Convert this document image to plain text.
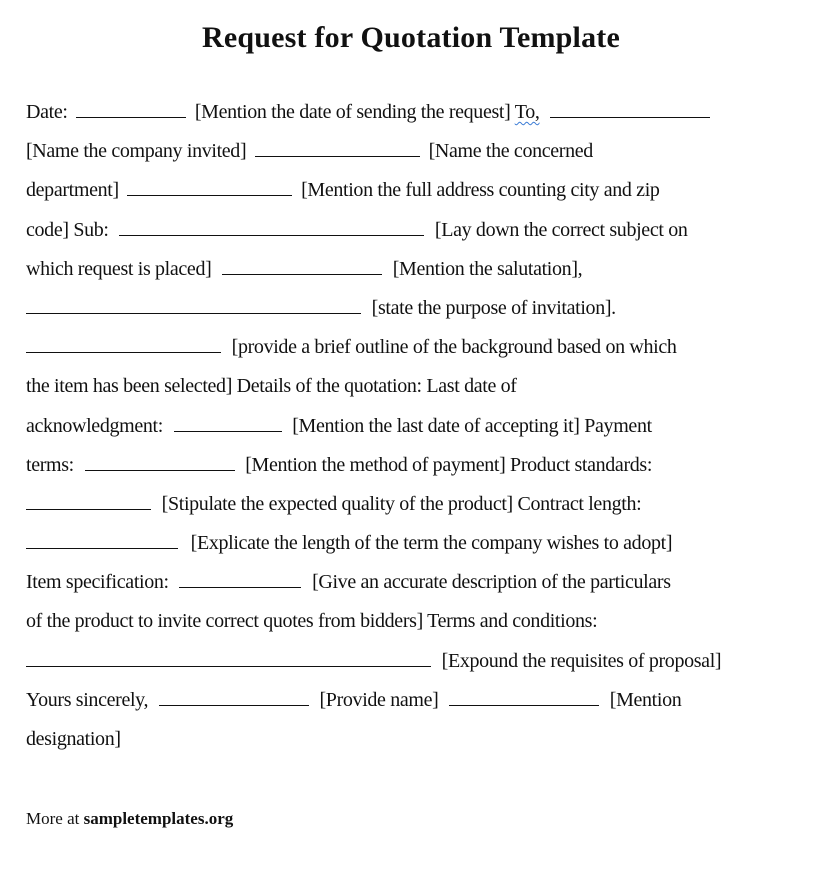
Request for Quotation Template
Date:	[Mention the date of sending the request] To,
[Name the company invited]	[Name the concerned
department]	[Mention the full address counting city and zip
code] Sub:	[Lay down the correct subject on
which request is placed]	[Mention the salutation],
[state the purpose of invitation].
[provide a brief outline of the background based on which
the item has been selected] Details of the quotation: Last date of
acknowledgment:	[Mention the last date of accepting it] Payment
terms:	[Mention the method of payment] Product standards:
[Stipulate the expected quality of the product] Contract length:
[Explicate the length of the term the company wishes to adopt]
Item specification:	[Give an accurate description of the particulars
of the product to invite correct quotes from bidders] Terms and conditions:
[Expound the requisites of proposal]
Yours sincerely,	[Provide name]	[Mention
designation]
More at sampletemplates.org
